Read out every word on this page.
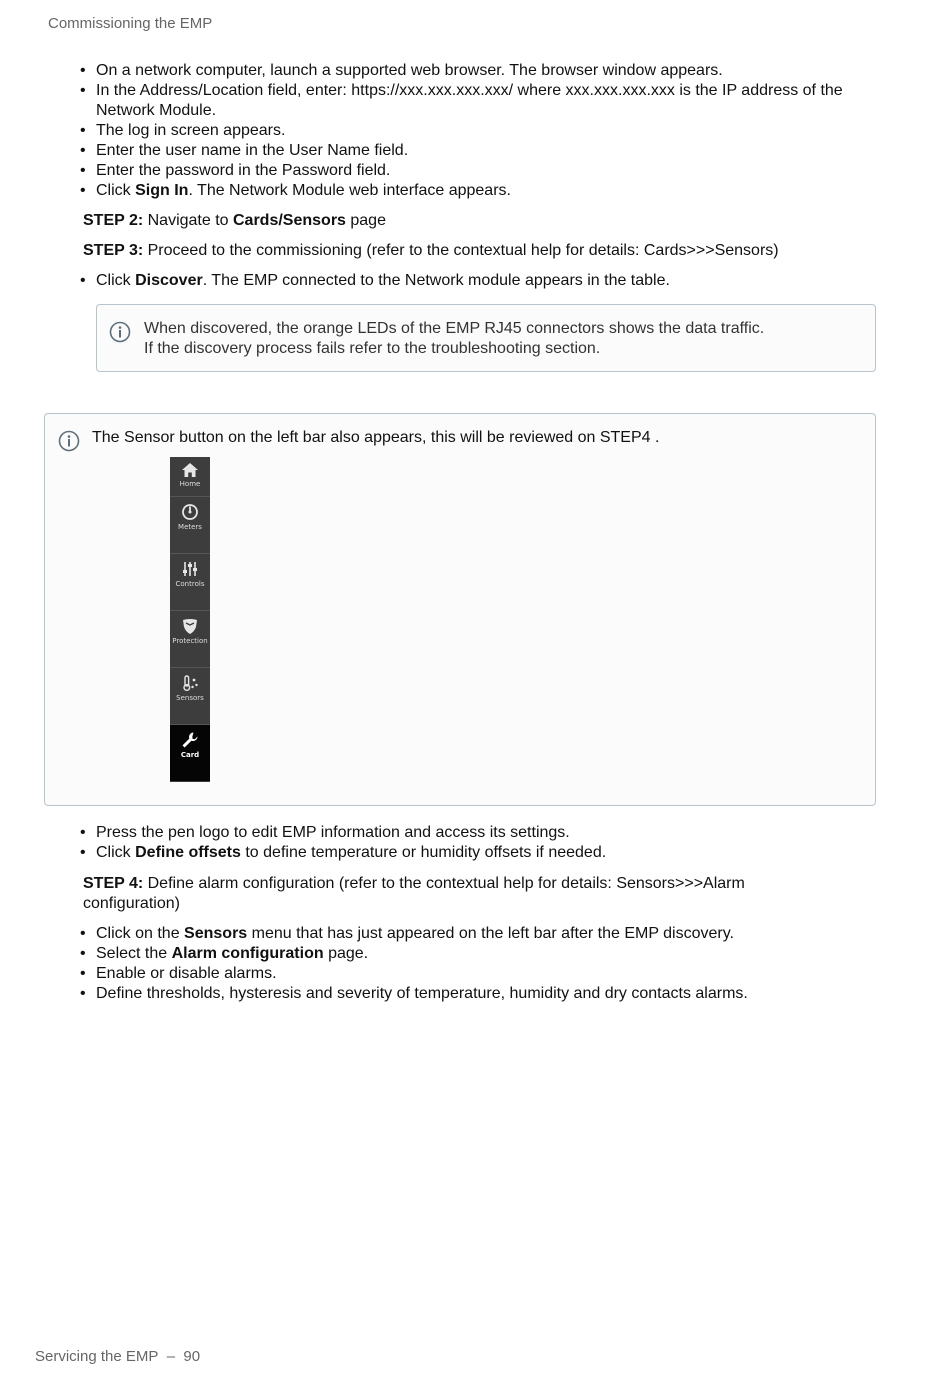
Commissioning the EMP
• On a network computer, launch a supported web browser. The browser window appears.
• In the Address/Location field, enter: https://xxx.xxx.xxx.xxx/ where xxx.xxx.xxx.xxx is the IP address of the Network Module.
• The log in screen appears.
• Enter the user name in the User Name field.
• Enter the password in the Password field.
• Click Sign In. The Network Module web interface appears.
STEP 2: Navigate to Cards/Sensors page
STEP 3: Proceed to the commissioning (refer to the contextual help for details: Cards>>>Sensors)
• Click Discover. The EMP connected to the Network module appears in the table.
When discovered, the orange LEDs of the EMP RJ45 connectors shows the data traffic.
If the discovery process fails refer to the troubleshooting section.
The Sensor button on the left bar also appears, this will be reviewed on STEP4 .
Home
Meters
Controls
Protection
Sensors
Card
• Press the pen logo to edit EMP information and access its settings.
• Click Define offsets to define temperature or humidity offsets if needed.
STEP 4: Define alarm configuration (refer to the contextual help for details: Sensors>>>Alarm configuration)
• Click on the Sensors menu that has just appeared on the left bar after the EMP discovery.
• Select the Alarm configuration page.
• Enable or disable alarms.
• Define thresholds, hysteresis and severity of temperature, humidity and dry contacts alarms.
Servicing the EMP – 90
